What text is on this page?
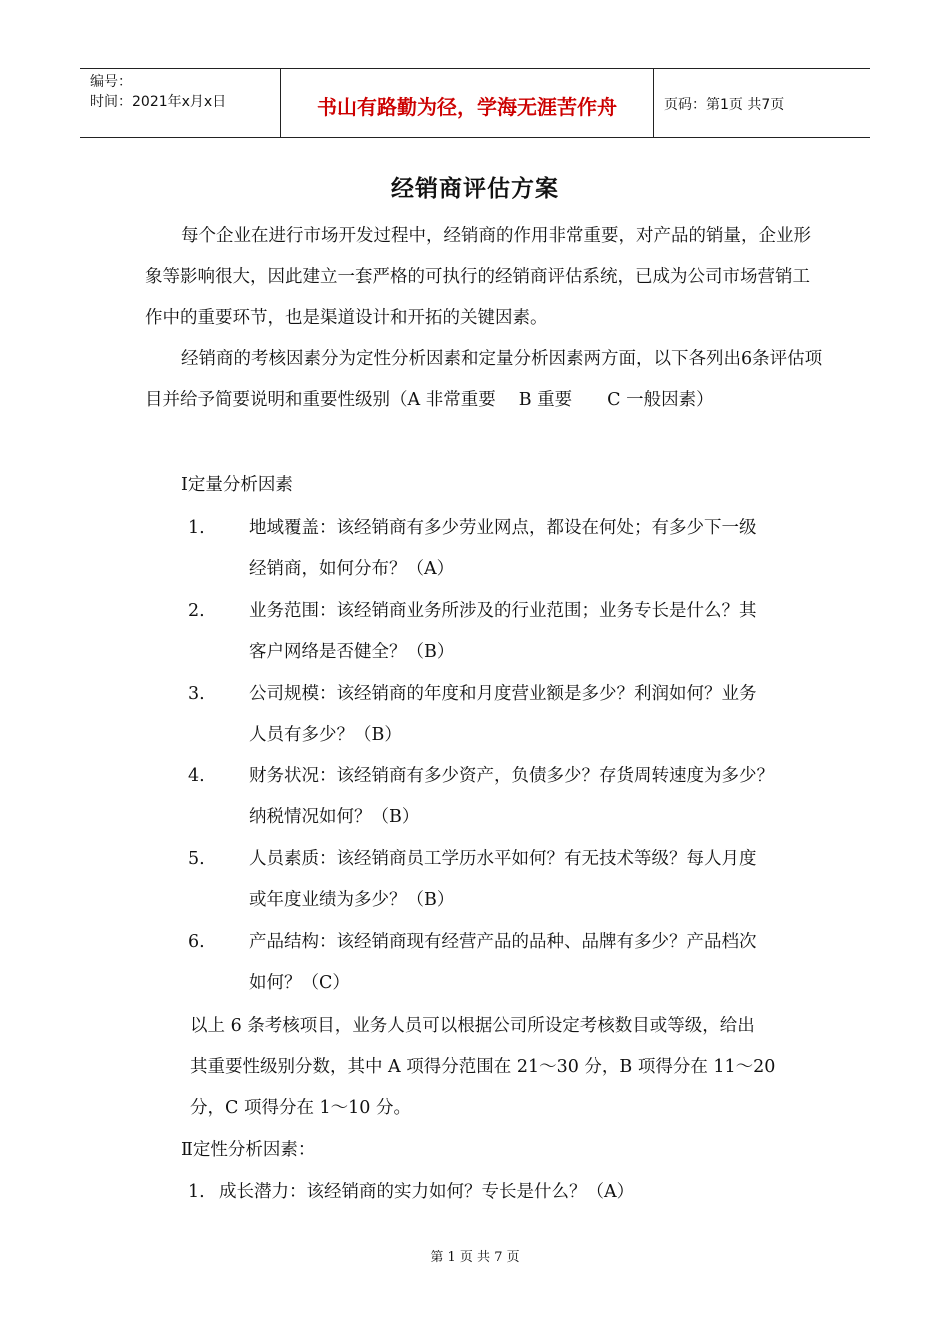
编号：
时间：2021年x月x日	书山有路勤为径，学海无涯苦作舟	页码：第1页 共7页
经销商评估方案
每个企业在进行市场开发过程中，经销商的作用非常重要，对产品的销量，企业形象等影响很大，因此建立一套严格的可执行的经销商评估系统，已成为公司市场营销工作中的重要环节，也是渠道设计和开拓的关键因素。
经销商的考核因素分为定性分析因素和定量分析因素两方面，以下各列出6条评估项目并给予简要说明和重要性级别（A 非常重要　 B 重要　　C 一般因素）
Ⅰ定量分析因素
1.	地域覆盖：该经销商有多少劳业网点，都设在何处；有多少下一级
经销商，如何分布？（A）
2.	业务范围：该经销商业务所涉及的行业范围；业务专长是什么？其
客户网络是否健全？（B）
3.	公司规模：该经销商的年度和月度营业额是多少？利润如何？业务
人员有多少？（B）
4.	财务状况：该经销商有多少资产，负债多少？存货周转速度为多少？
纳税情况如何？（B）
5.	人员素质：该经销商员工学历水平如何？有无技术等级？每人月度
或年度业绩为多少？（B）
6.	产品结构：该经销商现有经营产品的品种、品牌有多少？产品档次
如何？（C）
以上 6 条考核项目，业务人员可以根据公司所设定考核数目或等级，给出
其重要性级别分数，其中 A 项得分范围在 21～30 分，B 项得分在 11～20
分，C 项得分在 1～10 分。
Ⅱ定性分析因素：
1. 成长潜力：该经销商的实力如何？专长是什么？（A）
第 1 页 共 7 页
